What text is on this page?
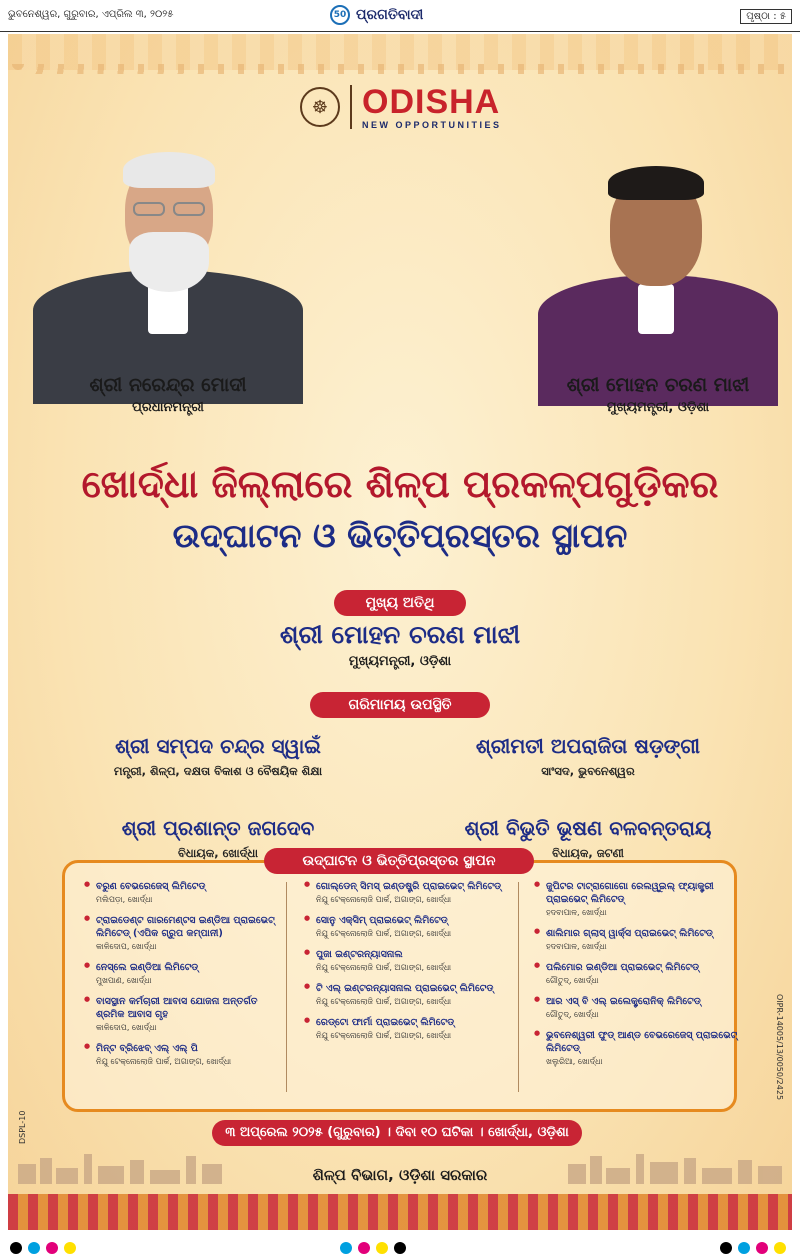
ଭୁବନେଶ୍ୱର, ଗୁରୁବାର, ଏପ୍ରିଲ ୩, ୨୦୨୫	50 ପ୍ରଗତିବାଦୀ	ପୃଷ୍ଠା : ୫
☸ ODISHA
NEW OPPORTUNITIES
ଶ୍ରୀ ନରେନ୍ଦ୍ର ମୋଦୀ
ପ୍ରଧାନମନ୍ତ୍ରୀ
ଶ୍ରୀ ମୋହନ ଚରଣ ମାଝୀ
ମୁଖ୍ୟମନ୍ତ୍ରୀ, ଓଡ଼ିଶା
ଖୋର୍ଦ୍ଧା ଜିଲ୍ଲାରେ ଶିଳ୍ପ ପ୍ରକଳ୍ପଗୁଡ଼ିକର
ଉଦ୍‌ଘାଟନ ଓ ଭିତ୍ତିପ୍ରସ୍ତର ସ୍ଥାପନ
ମୁଖ୍ୟ ଅତିଥି
ଶ୍ରୀ ମୋହନ ଚରଣ ମାଝୀ
ମୁଖ୍ୟମନ୍ତ୍ରୀ, ଓଡ଼ିଶା
ଗରିମାମୟ ଉପସ୍ଥିତି
ଶ୍ରୀ ସମ୍ପଦ ଚନ୍ଦ୍ର ସ୍ୱାଇଁ
ମନ୍ତ୍ରୀ, ଶିଳ୍ପ, ଦକ୍ଷତା ବିକାଶ ଓ ବୈଷୟିକ ଶିକ୍ଷା
ଶ୍ରୀମତୀ ଅପରାଜିତା ଷଡ଼ଙ୍ଗୀ
ସାଂସଦ, ଭୁବନେଶ୍ୱର
ଶ୍ରୀ ପ୍ରଶାନ୍ତ ଜଗଦେବ
ବିଧାୟକ, ଖୋର୍ଦ୍ଧା
ଶ୍ରୀ ବିଭୁତି ଭୂଷଣ ବଳବନ୍ତରାୟ
ବିଧାୟକ, ଜଟଣୀ
ଉଦ୍‌ଘାଟନ ଓ ଭିତ୍ତିପ୍ରସ୍ତର ସ୍ଥାପନ
● ବରୁଣ ବେଭରେଜେସ୍ ଲିମିଟେଡ୍
ମଲିପଡ଼ା, ଖୋର୍ଦ୍ଧା
● ଟ୍ରାଇଡେଣ୍ଟ ଗାରମେଣ୍ଟସ ଇଣ୍ଡିଆ ପ୍ରାଇଭେଟ୍ ଲିମିଟେଡ୍ (ଏପିକ ଗ୍ରୁପ କମ୍ପାନୀ)
କାଳିଦୋପ, ଖୋର୍ଦ୍ଧା
● ନେସ୍‌ଲେ ଇଣ୍ଡିଆ ଲିମିଟେଡ୍
ମୁଖପାଣ, ଖୋର୍ଦ୍ଧା
● ବାସସ୍ଥାନ କର୍ମଚାରୀ ଆବାସ ଯୋଜନା ଅନ୍ତର୍ଗତ ଶ୍ରମିକ ଆବାସ ଗୃହ
କାଳିଦୋପ, ଖୋର୍ଦ୍ଧା
● ମିନ୍ଟ ବ୍ରିଝେବ୍ ଏଲ୍ ଏଲ୍ ପି
ନିଯୁ ଟେକ୍ନୋଲୋଜି ପାର୍କ, ଅଗାଙ୍ଗ, ଖୋର୍ଦ୍ଧା
● ଗୋଲ୍ଡେନ୍ ସିମସ୍ ଇଣ୍ଡଷ୍ଟ୍ରି ପ୍ରାଇଭେଟ୍ ଲିମିଟେଡ୍
ନିଯୁ ଟେକ୍ନୋଲୋଜି ପାର୍କ, ଅଗାଙ୍ଗ, ଖୋର୍ଦ୍ଧା
● ସୋନୁ ଏକ୍ସିମ୍ ପ୍ରାଇଭେଟ୍ ଲିମିଟେଡ୍
ନିଯୁ ଟେକ୍ନୋଲୋଜି ପାର୍କ, ଅଗାଙ୍ଗ, ଖୋର୍ଦ୍ଧା
● ପୁଜା ଇଣ୍ଟରନ୍ୟାସନାଲ
ନିଯୁ ଟେକ୍ନୋଲୋଜି ପାର୍କ, ଅଗାଙ୍ଗ, ଖୋର୍ଦ୍ଧା
● ଟି ଏଲ୍ ଇଣ୍ଟରନ୍ୟାସନାଲ ପ୍ରାଇଭେଟ୍ ଲିମିଟେଡ୍
ନିଯୁ ଟେକ୍ନୋଲୋଜି ପାର୍କ, ଅଗାଙ୍ଗ, ଖୋର୍ଦ୍ଧା
● ରେଡ୍‌ଟୋ ଫାର୍ମା ପ୍ରାଇଭେଟ୍ ଲିମିଟେଡ୍
ନିଯୁ ଟେକ୍ନୋଲୋଜି ପାର୍କ, ଅଗାଙ୍ଗ, ଖୋର୍ଦ୍ଧା
● ଜୁପିଟର ଟାଟ୍ରାଗୋଗୋ ରେଲୱୁଇଲ୍ ଫ୍ୟାକ୍ଟ୍ରୀ ପ୍ରାଇଭେଟ୍ ଲିମିଟେଡ୍
ହଦବାପାଳ, ଖୋର୍ଦ୍ଧା
● ଶାଲିମାର ଗ୍ଲାସ୍ ୱାର୍କ୍ସ ପ୍ରାଇଭେଟ୍ ଲିମିଟେଡ୍
ହଦବାପାଳ, ଖୋର୍ଦ୍ଧା
● ପଲିମୋର ଇଣ୍ଡିଆ ପ୍ରାଇଭେଟ୍ ଲିମିଟେଡ୍
ଗୌତୁଦ୍, ଖୋର୍ଦ୍ଧା
● ଆର ଏସ୍ ବି ଏଲ୍ ଇଲେକ୍ଟ୍ରୋନିକ୍ ଲିମିଟେଡ୍
ଗୌତୁଦ୍, ଖୋର୍ଦ୍ଧା
● ଭୁବନେଶ୍ୱରୀ ଫୁଡ୍ ଆଣ୍ଡ ବେଭରେଜେସ୍ ପ୍ରାଇଭେଟ୍ ଲିମିଟେଡ୍
ଖଲୁରିଆ, ଖୋର୍ଦ୍ଧା
୩ ଅପ୍ରେଲ ୨୦୨୫ (ଗୁରୁବାର) । ଦିବା ୧୦ ଘଟିକା । ଖୋର୍ଦ୍ଧା, ଓଡ଼ିଶା
ଶିଳ୍ପ ବିଭାଗ, ଓଡ଼ିଶା ସରକାର
DSPL-10
OIPR-14005/13/0050/2425
